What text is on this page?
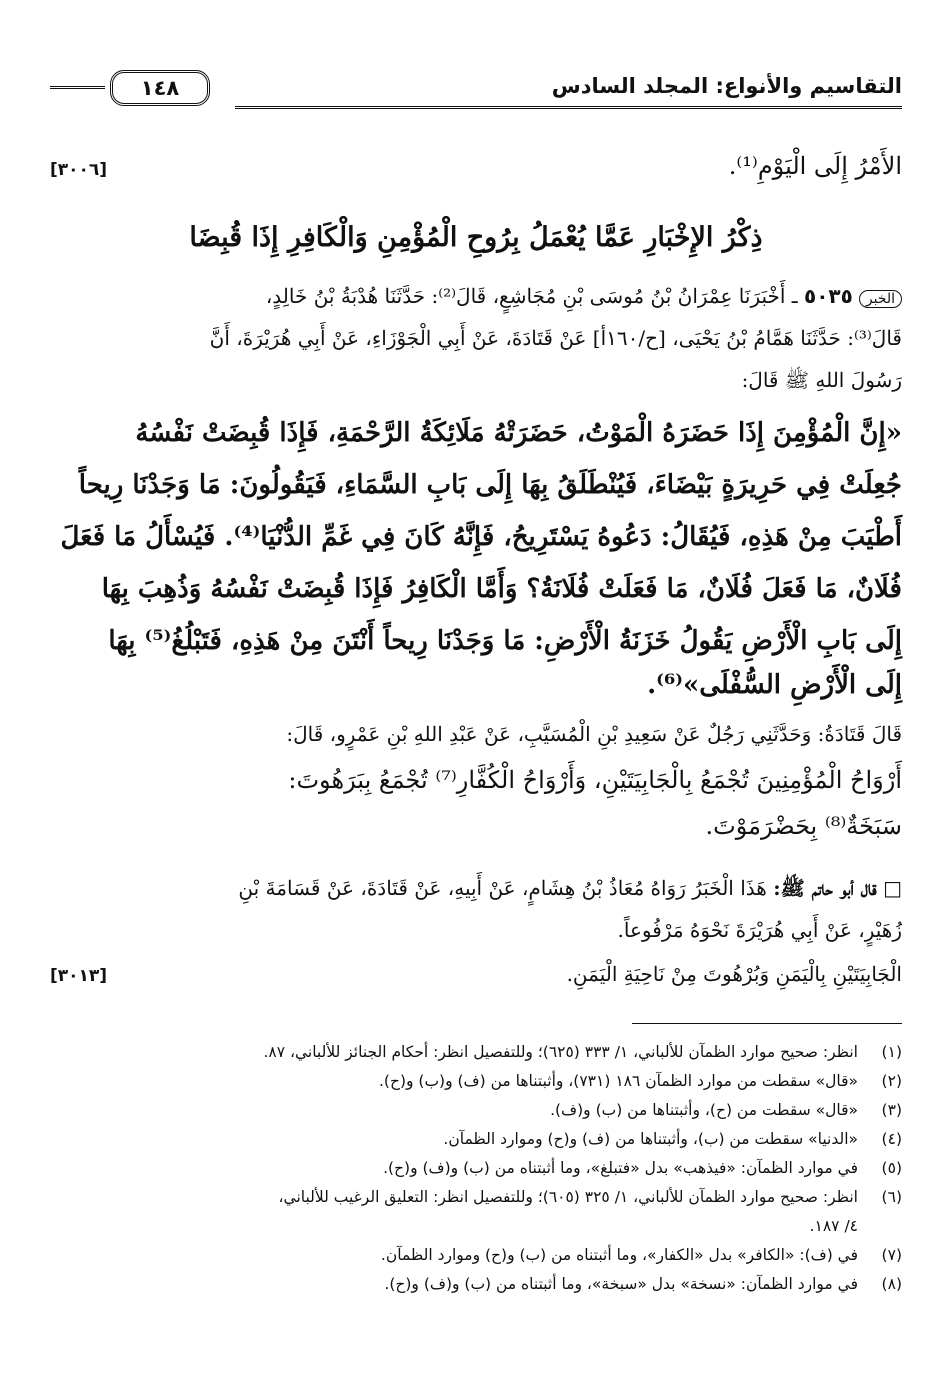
التقاسيم والأنواع: المجلد السادس
١٤٨
الأَمْرُ إِلَى الْيَوْمِ⁽¹⁾.
[٣٠٠٦]
ذِكْرُ الإِخْبَارِ عَمَّا يُعْمَلُ بِرُوحِ الْمُؤْمِنِ وَالْكَافِرِ إِذَا قُبِضَا
الخبر٥٠٣٥ ـ أَخْبَرَنَا عِمْرَانُ بْنُ مُوسَى بْنِ مُجَاشِعٍ، قَالَ⁽²⁾: حَدَّثَنَا هُدْبَةُ بْنُ خَالِدٍ،
قَالَ⁽³⁾: حَدَّثَنَا هَمَّامُ بْنُ يَحْيَى، [ح/١٦٠أ] عَنْ قَتَادَةَ، عَنْ أَبِي الْجَوْزَاءِ، عَنْ أَبِي هُرَيْرَةَ، أَنَّ
رَسُولَ اللهِ ﷺ قَالَ:
«إِنَّ الْمُؤْمِنَ إِذَا حَضَرَهُ الْمَوْتُ، حَضَرَتْهُ مَلَائِكَةُ الرَّحْمَةِ، فَإِذَا قُبِضَتْ نَفْسُهُ
جُعِلَتْ فِي حَرِيرَةٍ بَيْضَاءَ، فَيُنْطَلَقُ بِهَا إِلَى بَابِ السَّمَاءِ، فَيَقُولُونَ: مَا وَجَدْنَا رِيحاً
أَطْيَبَ مِنْ هَذِهِ، فَيُقَالُ: دَعُوهُ يَسْتَرِيحُ، فَإِنَّهُ كَانَ فِي غَمِّ الدُّنْيَا⁽⁴⁾. فَيُسْأَلُ مَا فَعَلَ
فُلَانٌ، مَا فَعَلَ فُلَانٌ، مَا فَعَلَتْ فُلَانَةُ؟ وَأَمَّا الْكَافِرُ فَإِذَا قُبِضَتْ نَفْسُهُ وَذُهِبَ بِهَا
إِلَى بَابِ الْأَرْضِ يَقُولُ خَزَنَةُ الْأَرْضِ: مَا وَجَدْنَا رِيحاً أَنْتَنَ مِنْ هَذِهِ، فَتَبْلُغُ⁽⁵⁾ بِهَا
إِلَى الْأَرْضِ السُّفْلَى»⁽⁶⁾.
قَالَ قَتَادَةُ: وَحَدَّثَنِي رَجُلٌ عَنْ سَعِيدِ بْنِ الْمُسَيَّبِ، عَنْ عَبْدِ اللهِ بْنِ عَمْرٍو، قَالَ:
أَرْوَاحُ الْمُؤْمِنِينَ تُجْمَعُ بِالْجَابِيَتَيْنِ، وَأَرْوَاحُ الْكُفَّارِ⁽⁷⁾ تُجْمَعُ بِبَرَهُوتَ:
سَبَخَةٌ⁽⁸⁾ بِحَضْرَمَوْتَ.
□ قال أبو حاتم ﷺ: هَذَا الْخَبَرُ رَوَاهُ مُعَاذُ بْنُ هِشَامٍ، عَنْ أَبِيهِ، عَنْ قَتَادَةَ، عَنْ قَسَامَةَ بْنِ
زُهَيْرٍ، عَنْ أَبِي هُرَيْرَةَ نَحْوَهُ مَرْفُوعاً.
الْجَابِيَتَيْنِ بِالْيَمَنِ وَبُرْهُوتَ مِنْ نَاحِيَةِ الْيَمَنِ.
[٣٠١٣]
(١)
انظر: صحيح موارد الظمآن للألباني، ١/ ٣٣٣ (٦٢٥)؛ وللتفصيل انظر: أحكام الجنائز للألباني، ٨٧.
(٢)
«قال» سقطت من موارد الظمآن ١٨٦ (٧٣١)، وأثبتناها من (ف) و(ب) و(ح).
(٣)
«قال» سقطت من (ح)، وأثبتناها من (ب) و(ف).
(٤)
«الدنيا» سقطت من (ب)، وأثبتناها من (ف) و(ح) وموارد الظمآن.
(٥)
في موارد الظمآن: «فيذهب» بدل «فتبلغ»، وما أثبتناه من (ب) و(ف) و(ح).
(٦)
انظر: صحيح موارد الظمآن للألباني، ١/ ٣٢٥ (٦٠٥)؛ وللتفصيل انظر: التعليق الرغيب للألباني،
٤/ ١٨٧.
(٧)
في (ف): «الكافر» بدل «الكفار»، وما أثبتناه من (ب) و(ح) وموارد الظمآن.
(٨)
في موارد الظمآن: «نسخة» بدل «سبخة»، وما أثبتناه من (ب) و(ف) و(ح).
